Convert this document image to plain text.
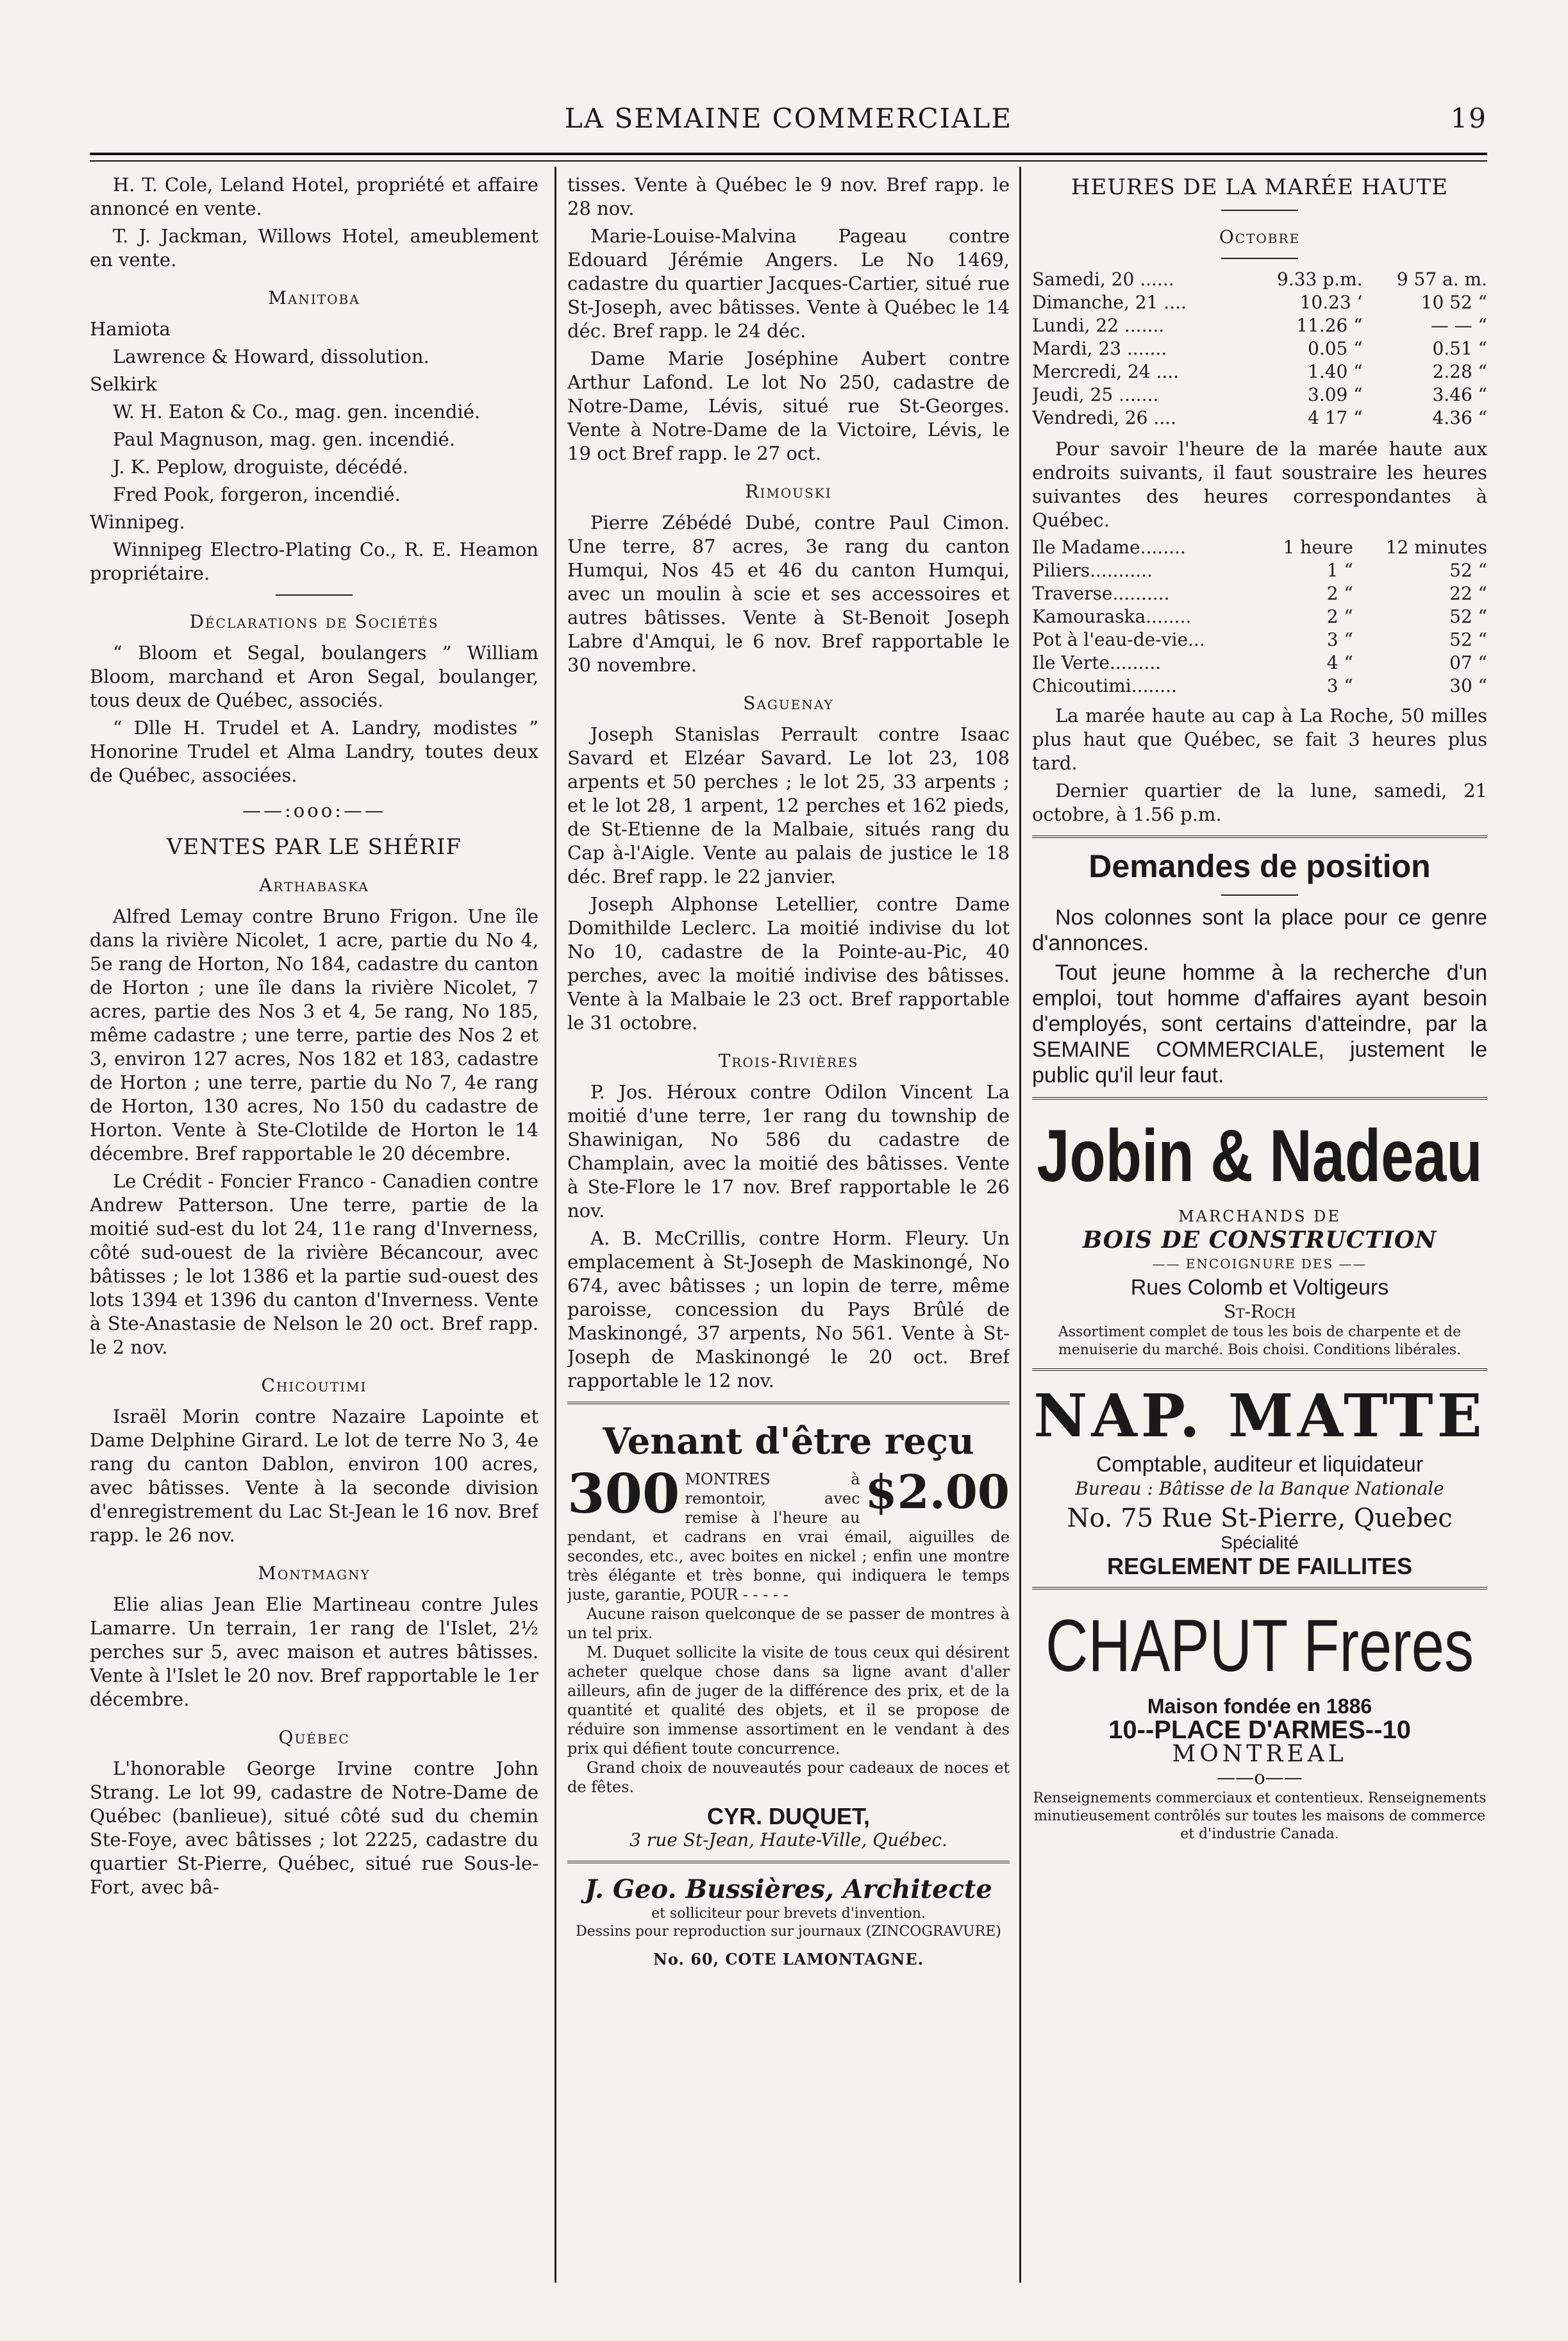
LA SEMAINE COMMERCIALE	19

H. T. Cole, Leland Hotel, propriété et affaire annoncé en vente.

T. J. Jackman, Willows Hotel, ameublement en vente.

Manitoba

Hamiota

Lawrence & Howard, dissolution.

Selkirk

W. H. Eaton & Co., mag. gen. incendié.

Paul Magnuson, mag. gen. incendié.

J. K. Peplow, droguiste, décédé.

Fred Pook, forgeron, incendié.

Winnipeg.

Winnipeg Electro-Plating Co., R. E. Heamon propriétaire.

Déclarations de Sociétés

“ Bloom et Segal, boulangers ” William Bloom, marchand et Aron Segal, boulanger, tous deux de Québec, associés.

“ Dlle H. Trudel et A. Landry, modistes ” Honorine Trudel et Alma Landry, toutes deux de Québec, associées.

——:ooo:——
VENTES PAR LE SHÉRIF
Arthabaska

Alfred Lemay contre Bruno Frigon. Une île dans la rivière Nicolet, 1 acre, partie du No 4, 5e rang de Horton, No 184, cadastre du canton de Horton ; une île dans la rivière Nicolet, 7 acres, partie des Nos 3 et 4, 5e rang, No 185, même cadastre ; une terre, partie des Nos 2 et 3, environ 127 acres, Nos 182 et 183, cadastre de Horton ; une terre, partie du No 7, 4e rang de Horton, 130 acres, No 150 du cadastre de Horton. Vente à Ste-Clotilde de Horton le 14 décembre. Bref rapportable le 20 décembre.

Le Crédit - Foncier Franco - Canadien contre Andrew Patterson. Une terre, partie de la moitié sud-est du lot 24, 11e rang d'Inverness, côté sud-ouest de la rivière Bécancour, avec bâtisses ; le lot 1386 et la partie sud-ouest des lots 1394 et 1396 du canton d'Inverness. Vente à Ste-Anastasie de Nelson le 20 oct. Bref rapp. le 2 nov.

Chicoutimi

Israël Morin contre Nazaire Lapointe et Dame Delphine Girard. Le lot de terre No 3, 4e rang du canton Dablon, environ 100 acres, avec bâtisses. Vente à la seconde division d'enregistrement du Lac St-Jean le 16 nov. Bref rapp. le 26 nov.

Montmagny

Elie alias Jean Elie Martineau contre Jules Lamarre. Un terrain, 1er rang de l'Islet, 2½ perches sur 5, avec maison et autres bâtisses. Vente à l'Islet le 20 nov. Bref rapportable le 1er décembre.

Québec

L'honorable George Irvine contre John Strang. Le lot 99, cadastre de Notre-Dame de Québec (banlieue), situé côté sud du chemin Ste-Foye, avec bâtisses ; lot 2225, cadastre du quartier St-Pierre, Québec, situé rue Sous-le-Fort, avec bâ-

tisses. Vente à Québec le 9 nov. Bref rapp. le 28 nov.

Marie-Louise-Malvina Pageau contre Edouard Jérémie Angers. Le No 1469, cadastre du quartier Jacques-Cartier, situé rue St-Joseph, avec bâtisses. Vente à Québec le 14 déc. Bref rapp. le 24 déc.

Dame Marie Joséphine Aubert contre Arthur Lafond. Le lot No 250, cadastre de Notre-Dame, Lévis, situé rue St-Georges. Vente à Notre-Dame de la Victoire, Lévis, le 19 oct Bref rapp. le 27 oct.

Rimouski

Pierre Zébédé Dubé, contre Paul Cimon. Une terre, 87 acres, 3e rang du canton Humqui, Nos 45 et 46 du canton Humqui, avec un moulin à scie et ses accessoires et autres bâtisses. Vente à St-Benoit Joseph Labre d'Amqui, le 6 nov. Bref rapportable le 30 novembre.

Saguenay

Joseph Stanislas Perrault contre Isaac Savard et Elzéar Savard. Le lot 23, 108 arpents et 50 perches ; le lot 25, 33 arpents ; et le lot 28, 1 arpent, 12 perches et 162 pieds, de St-Etienne de la Malbaie, situés rang du Cap à-l'Aigle. Vente au palais de justice le 18 déc. Bref rapp. le 22 janvier.

Joseph Alphonse Letellier, contre Dame Domithilde Leclerc. La moitié indivise du lot No 10, cadastre de la Pointe-au-Pic, 40 perches, avec la moitié indivise des bâtisses. Vente à la Malbaie le 23 oct. Bref rapportable le 31 octobre.

Trois-Rivières

P. Jos. Héroux contre Odilon Vincent La moitié d'une terre, 1er rang du township de Shawinigan, No 586 du cadastre de Champlain, avec la moitié des bâtisses. Vente à Ste-Flore le 17 nov. Bref rapportable le 26 nov.

A. B. McCrillis, contre Horm. Fleury. Un emplacement à St-Joseph de Maskinongé, No 674, avec bâtisses ; un lopin de terre, même paroisse, concession du Pays Brûlé de Maskinongé, 37 arpents, No 561. Vente à St-Joseph de Maskinongé le 20 oct. Bref rapportable le 12 nov.

Venant d'être reçu
300	$2.00
MONTRES à remontoir, avec remise à l'heure au pendant, et cadrans en vrai émail, aiguilles de secondes, etc., avec boites en nickel ; enfin une montre très élégante et très bonne, qui indiquera le temps juste, garantie, POUR - - - - -
Aucune raison quelconque de se passer de montres à un tel prix.
M. Duquet sollicite la visite de tous ceux qui désirent acheter quelque chose dans sa ligne avant d'aller ailleurs, afin de juger de la différence des prix, et de la quantité et qualité des objets, et il se propose de réduire son immense assortiment en le vendant à des prix qui défient toute concurrence.
Grand choix de nouveautés pour cadeaux de noces et de fêtes.
CYR. DUQUET,
3 rue St-Jean, Haute-Ville, Québec.
J. Geo. Bussières, Architecte
et solliciteur pour brevets d'invention.
Dessins pour reproduction sur journaux (ZINCOGRAVURE)
No. 60, COTE LAMONTAGNE.
HEURES DE LA MARÉE HAUTE
Octobre
Samedi, 20 ......	9.33 p.m.	9 57 a. m.
Dimanche, 21 ....	10.23 ‘	10 52 “
Lundi, 22 .......	11.26 “	— — “
Mardi, 23 .......	0.05 “	0.51 “
Mercredi, 24 ....	1.40 “	2.28 “
Jeudi, 25 .......	3.09 “	3.46 “
Vendredi, 26 ....	4 17 “	4.36 “

Pour savoir l'heure de la marée haute aux endroits suivants, il faut soustraire les heures suivantes des heures correspondantes à Québec.

Ile Madame........	1 heure	12 minutes
Piliers...........	1 “	52 “
Traverse..........	2 “	22 “
Kamouraska........	2 “	52 “
Pot à l'eau-de-vie...	3 “	52 “
Ile Verte.........	4 “	07 “
Chicoutimi........	3 “	30 “

La marée haute au cap à La Roche, 50 milles plus haut que Québec, se fait 3 heures plus tard.

Dernier quartier de la lune, samedi, 21 octobre, à 1.56 p.m.

Demandes de position

Nos colonnes sont la place pour ce genre d'annonces.

Tout jeune homme à la recherche d'un emploi, tout homme d'affaires ayant besoin d'employés, sont certains d'atteindre, par la SEMAINE COMMERCIALE, justement le public qu'il leur faut.

Jobin & Nadeau
MARCHANDS DE
BOIS DE CONSTRUCTION
—— ENCOIGNURE DES ——
Rues Colomb et Voltigeurs
St-Roch
Assortiment complet de tous les bois de charpente et de menuiserie du marché. Bois choisi. Conditions libérales.
NAP. MATTE
Comptable, auditeur et liquidateur
Bureau : Bâtisse de la Banque Nationale
No. 75 Rue St-Pierre, Quebec
Spécialité
REGLEMENT DE FAILLITES
CHAPUT Freres
Maison fondée en 1886
10--PLACE D'ARMES--10
MONTREAL
——o——
Renseignements commerciaux et contentieux. Renseignements minutieusement contrôlés sur toutes les maisons de commerce et d'industrie Canada.
